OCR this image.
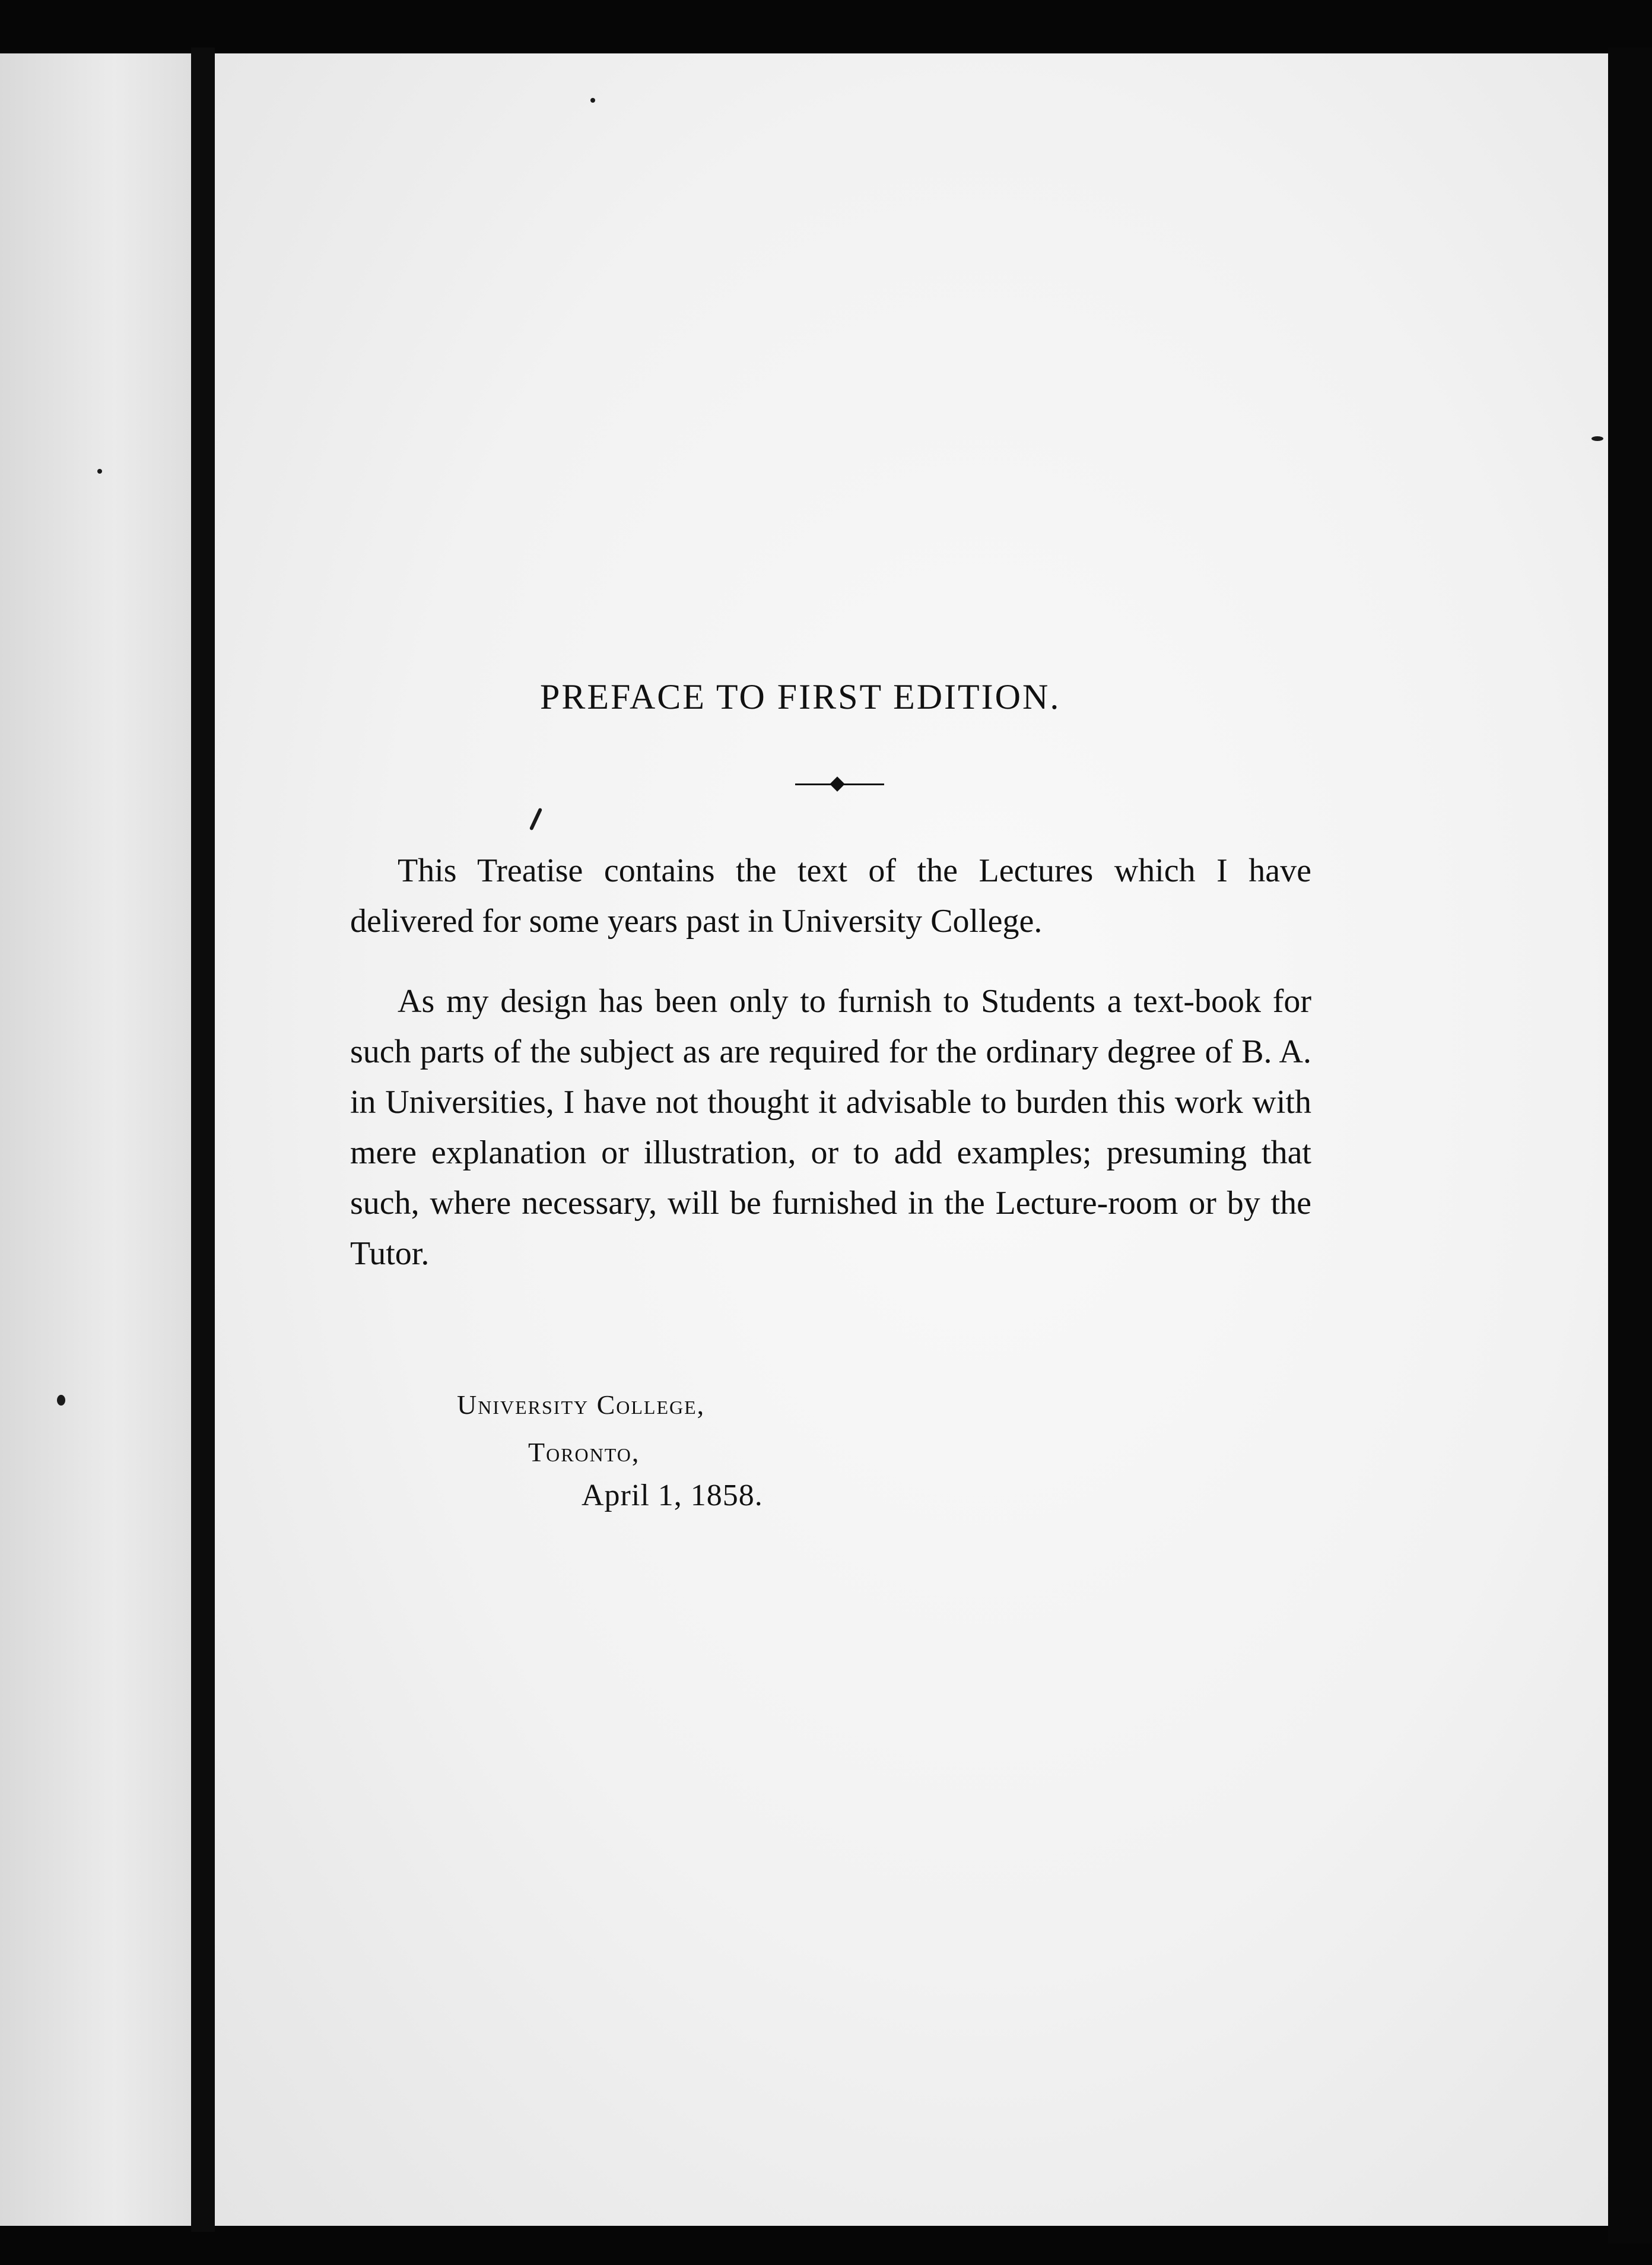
PREFACE TO FIRST EDITION.

This Treatise contains the text of the Lectures which I have delivered for some years past in University College.

As my design has been only to furnish to Students a text-book for such parts of the subject as are required for the ordinary degree of B. A. in Universities, I have not thought it advisable to burden this work with mere explanation or illustration, or to add examples; presuming that such, where necessary, will be furnished in the Lecture-room or by the Tutor.

University College,
Toronto,
April 1, 1858.
